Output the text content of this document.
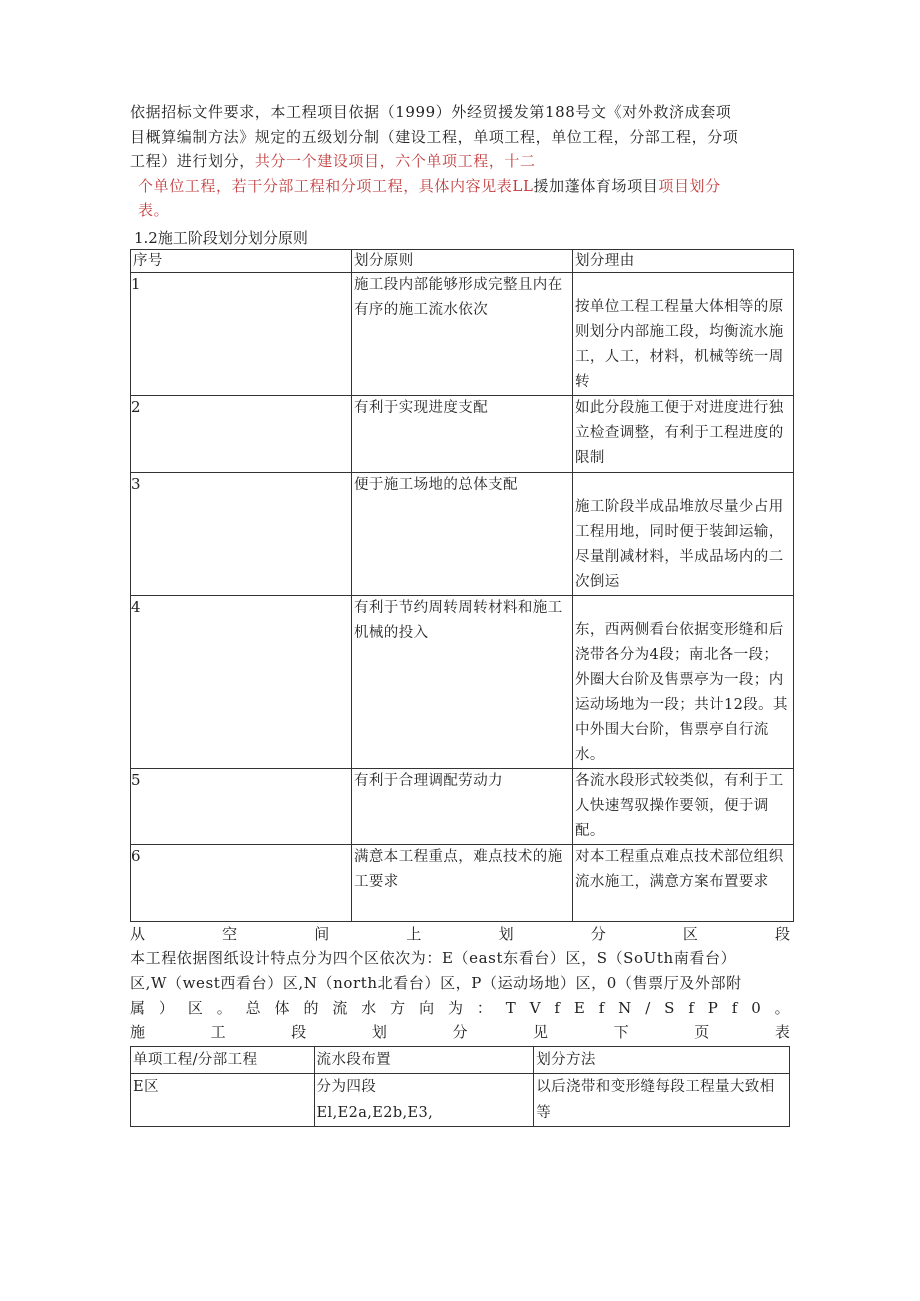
依据招标文件要求，本工程项目依据（1999）外经贸援发第188号文《对外救济成套项
目概算编制方法》规定的五级划分制（建设工程，单项工程，单位工程，分部工程，分项
工程）进行划分，共分一个建设项目，六个单项工程，十二
个单位工程，若干分部工程和分项工程，具体内容见表LL援加蓬体育场项目项目划分
表。

1.2施工阶段划分划分原则
序号	划分原则	划分理由
1	施工段内部能够形成完整且内在有序的施工流水依次	按单位工程工程量大体相等的原则划分内部施工段，均衡流水施工，人工，材料，机械等统一周转
2	有利于实现进度支配	如此分段施工便于对进度进行独立检查调整，有利于工程进度的限制
3	便于施工场地的总体支配	施工阶段半成品堆放尽量少占用工程用地，同时便于装卸运输，尽量削减材料，半成品场内的二次倒运
4	有利于节约周转周转材料和施工机械的投入	东，西两侧看台依据变形缝和后浇带各分为4段；南北各一段；外圈大台阶及售票亭为一段；内运动场地为一段；共计12段。其中外围大台阶，售票亭自行流水。
5	有利于合理调配劳动力	各流水段形式较类似，有利于工人快速驾驭操作要领，便于调配。
6	满意本工程重点，难点技术的施工要求	对本工程重点难点技术部位组织流水施工，满意方案布置要求
从	空	间	上	划	分	区	段

本工程依据图纸设计特点分为四个区依次为：E（east东看台）区，S（SoUth南看台）
区,W（west西看台）区,N（north北看台）区，P（运动场地）区，0（售票厅及外部附

属 ） 区 。 总 体 的 流 水 方 向 为 ： T V f E f N / S f P f 0 。
施	工	段	划	分	见	下	页	表
单项工程/分部工程	流水段布置	划分方法
E区	分为四段El,E2a,E2b,E3,	以后浇带和变形缝每段工程量大致相等
